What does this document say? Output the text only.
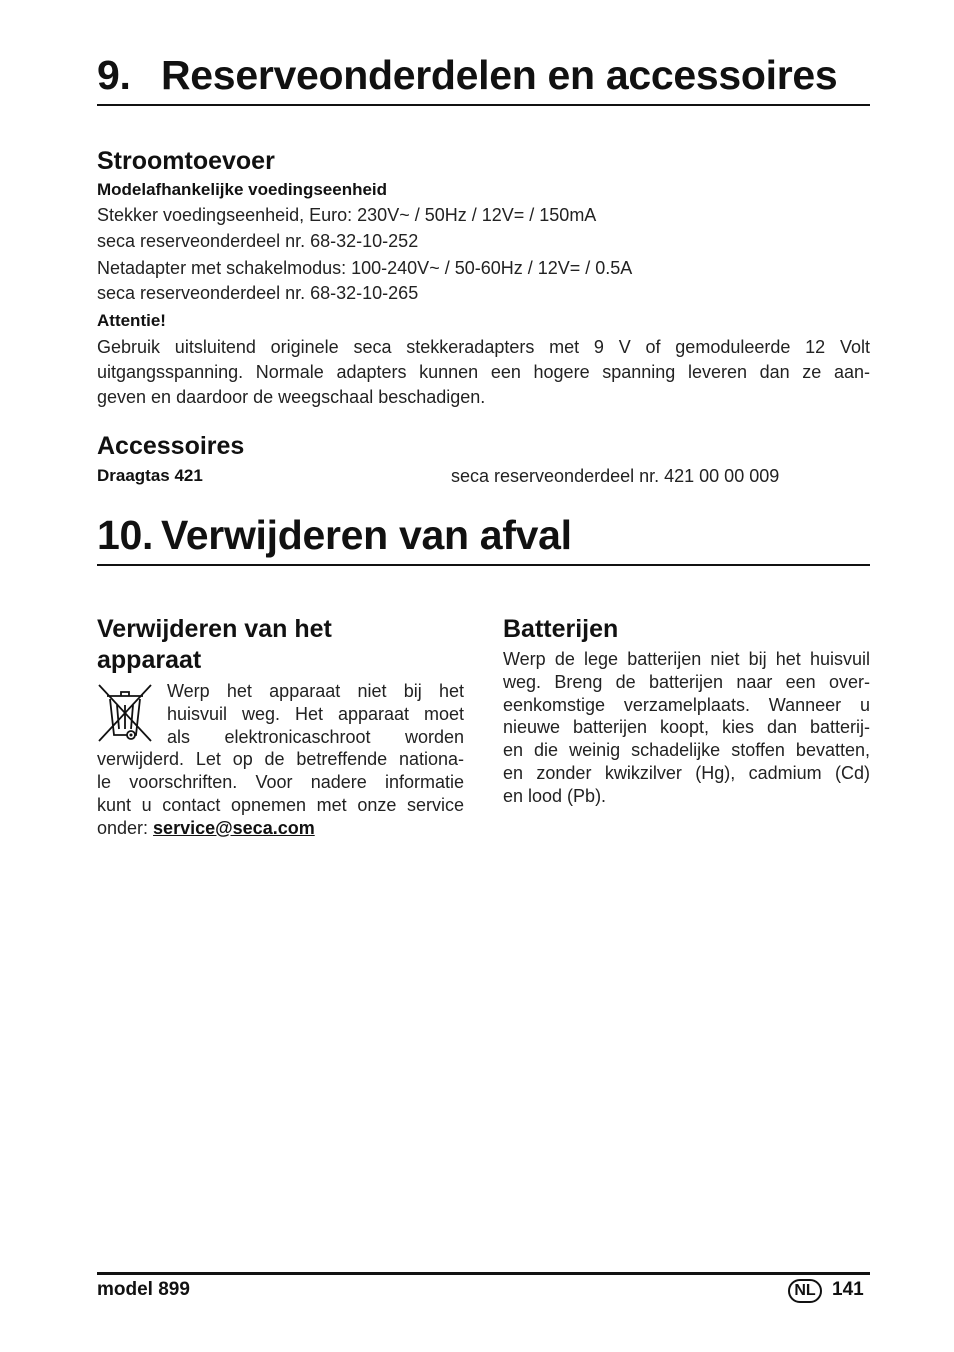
9. Reserveonderdelen en accessoires
Stroomtoevoer
Modelafhankelijke voedingseenheid
Stekker voedingseenheid, Euro: 230V~ / 50Hz / 12V= / 150mA
seca reserveonderdeel nr. 68-32-10-252
Netadapter met schakelmodus: 100-240V~ / 50-60Hz / 12V= / 0.5A
seca reserveonderdeel nr. 68-32-10-265
Attentie!
Gebruik uitsluitend originele seca stekkeradapters met 9 V of gemoduleerde 12 Volt
uitgangsspanning. Normale adapters kunnen een hogere spanning leveren dan ze aan-
geven en daardoor de weegschaal beschadigen.
Accessoires
Draagtas 421	seca reserveonderdeel nr. 421 00 00 009
10. Verwijderen van afval
Verwijderen van het
apparaat
Werp het apparaat niet bij het
huisvuil weg. Het apparaat moet
als elektronicaschroot worden
verwijderd. Let op de betreffende nationa-
le voorschriften. Voor nadere informatie
kunt u contact opnemen met onze service
onder: service@seca.com
Batterijen
Werp de lege batterijen niet bij het huisvuil
weg. Breng de batterijen naar een over-
eenkomstige verzamelplaats. Wanneer u
nieuwe batterijen koopt, kies dan batterij-
en die weinig schadelijke stoffen bevatten,
en zonder kwikzilver (Hg), cadmium (Cd)
en lood (Pb).
model 899	NL 141
